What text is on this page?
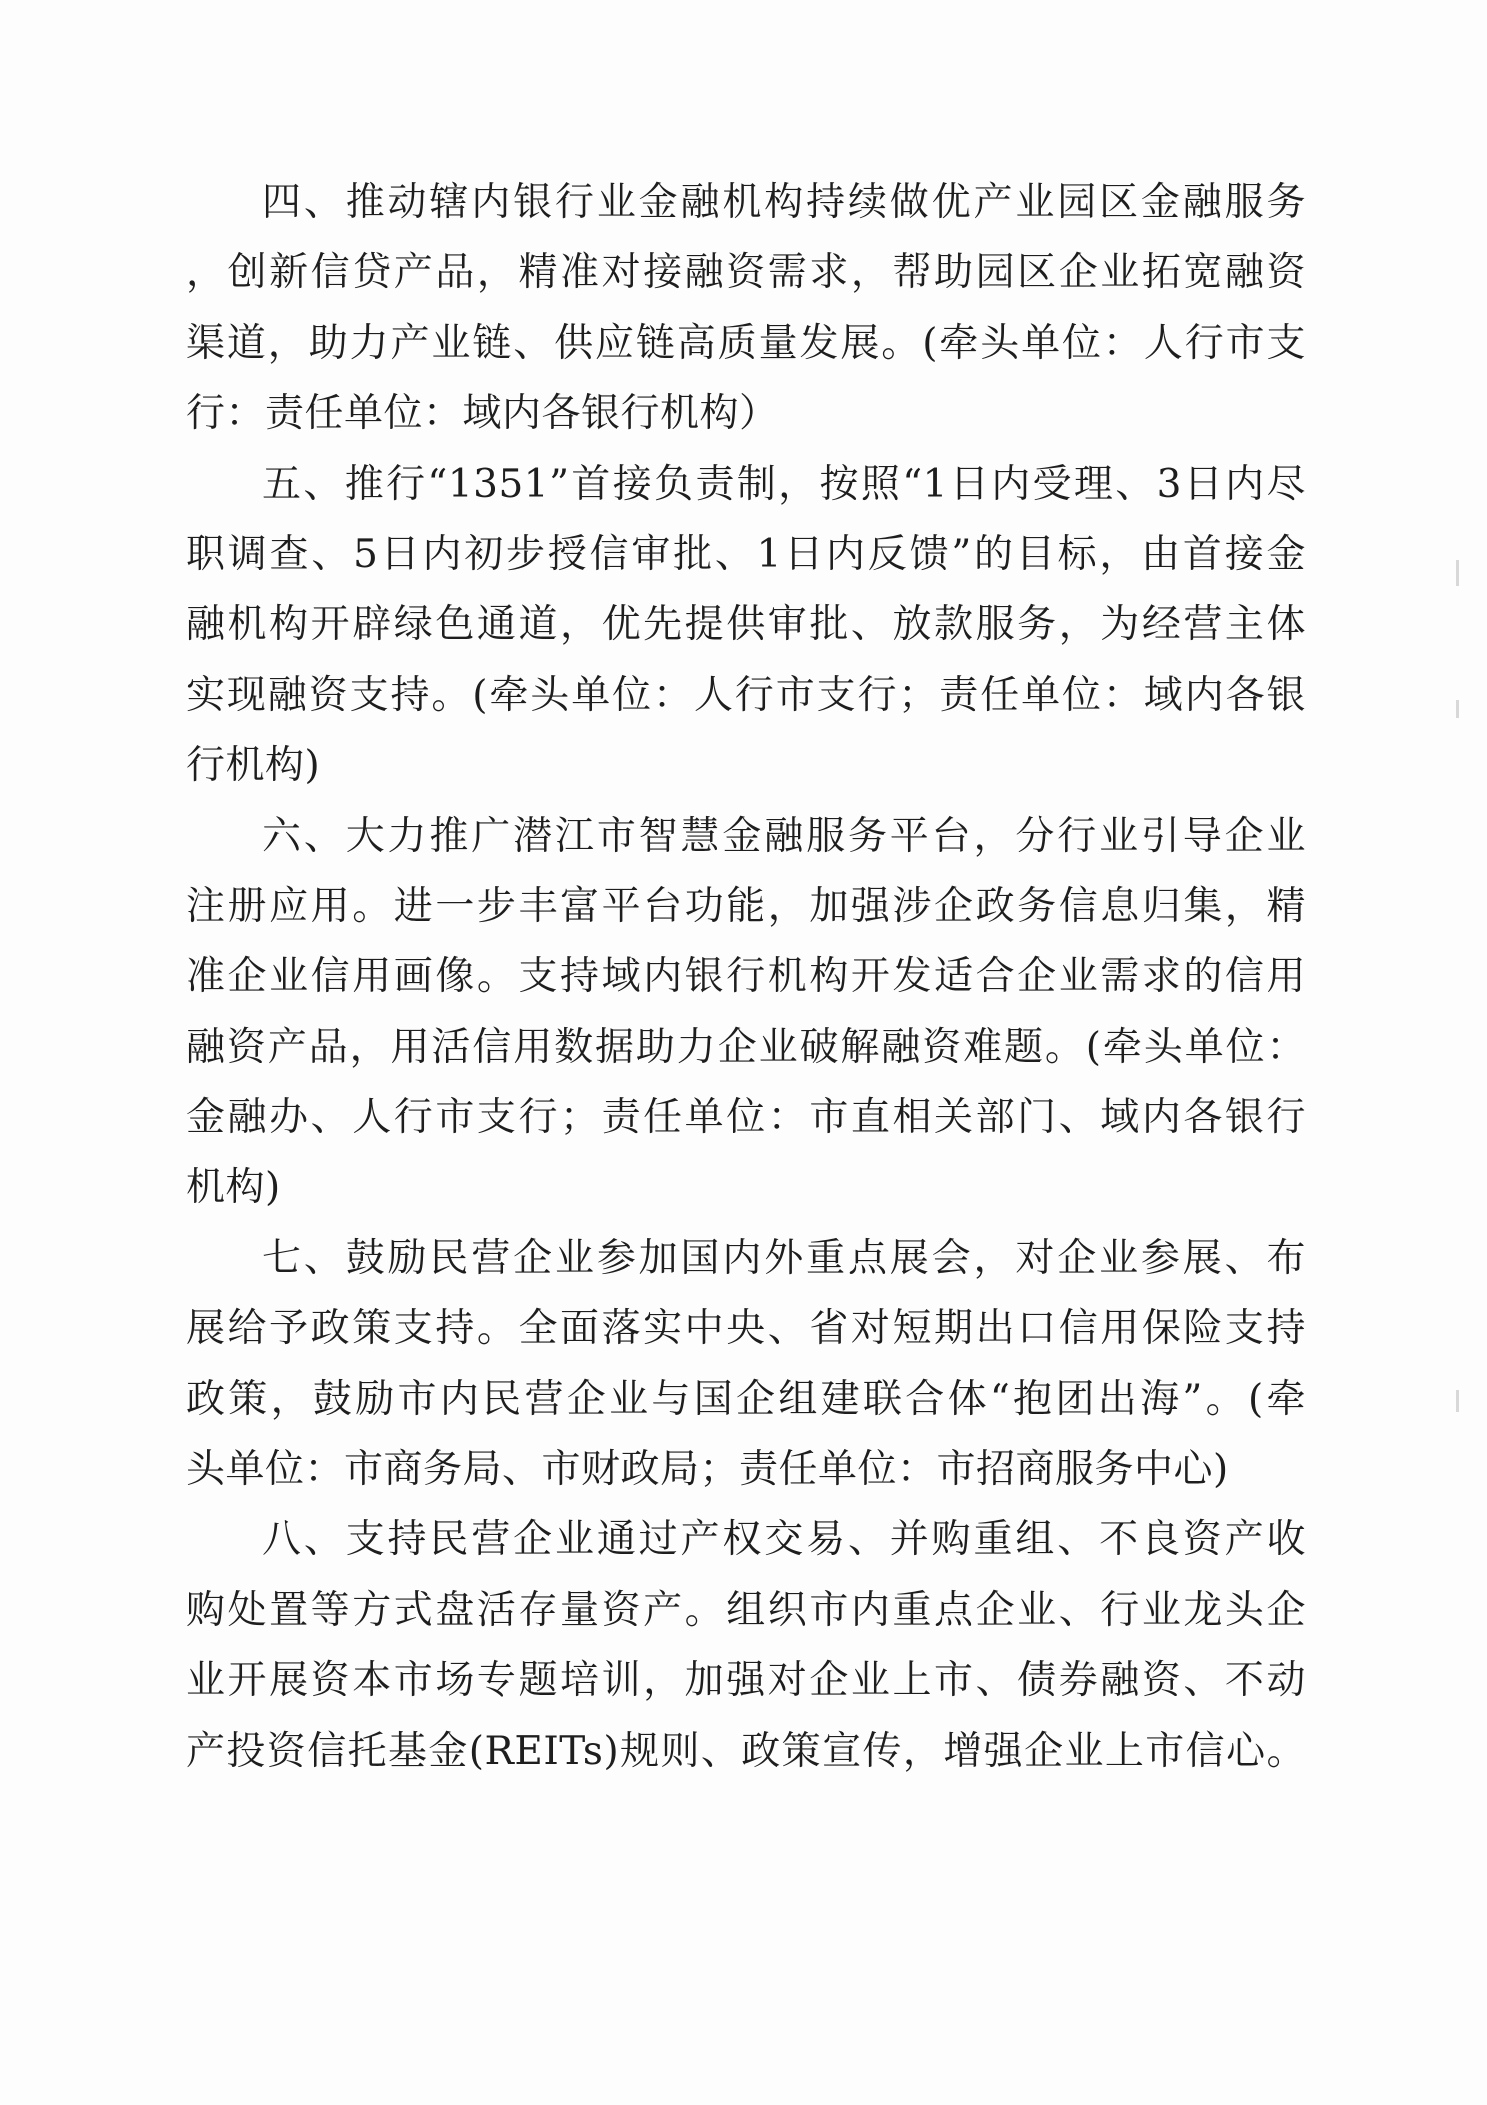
四、推动辖内银行业金融机构持续做优产业园区金融服务
，创新信贷产品，精准对接融资需求，帮助园区企业拓宽融资
渠道，助力产业链、供应链高质量发展。(牵头单位：人行市支
行：责任单位：域内各银行机构）
五、推行“1351”首接负责制，按照“1日内受理、3日内尽
职调查、5日内初步授信审批、1日内反馈”的目标，由首接金
融机构开辟绿色通道，优先提供审批、放款服务，为经营主体
实现融资支持。(牵头单位：人行市支行；责任单位：域内各银
行机构)
六、大力推广潜江市智慧金融服务平台，分行业引导企业
注册应用。进一步丰富平台功能，加强涉企政务信息归集，精
准企业信用画像。支持域内银行机构开发适合企业需求的信用
融资产品，用活信用数据助力企业破解融资难题。(牵头单位：
金融办、人行市支行；责任单位：市直相关部门、域内各银行
机构)
七、鼓励民营企业参加国内外重点展会，对企业参展、布
展给予政策支持。全面落实中央、省对短期出口信用保险支持
政策，鼓励市内民营企业与国企组建联合体“抱团出海”。(牵
头单位：市商务局、市财政局；责任单位：市招商服务中心)
八、支持民营企业通过产权交易、并购重组、不良资产收
购处置等方式盘活存量资产。组织市内重点企业、行业龙头企
业开展资本市场专题培训，加强对企业上市、债券融资、不动
产投资信托基金(REITs)规则、政策宣传，增强企业上市信心。
